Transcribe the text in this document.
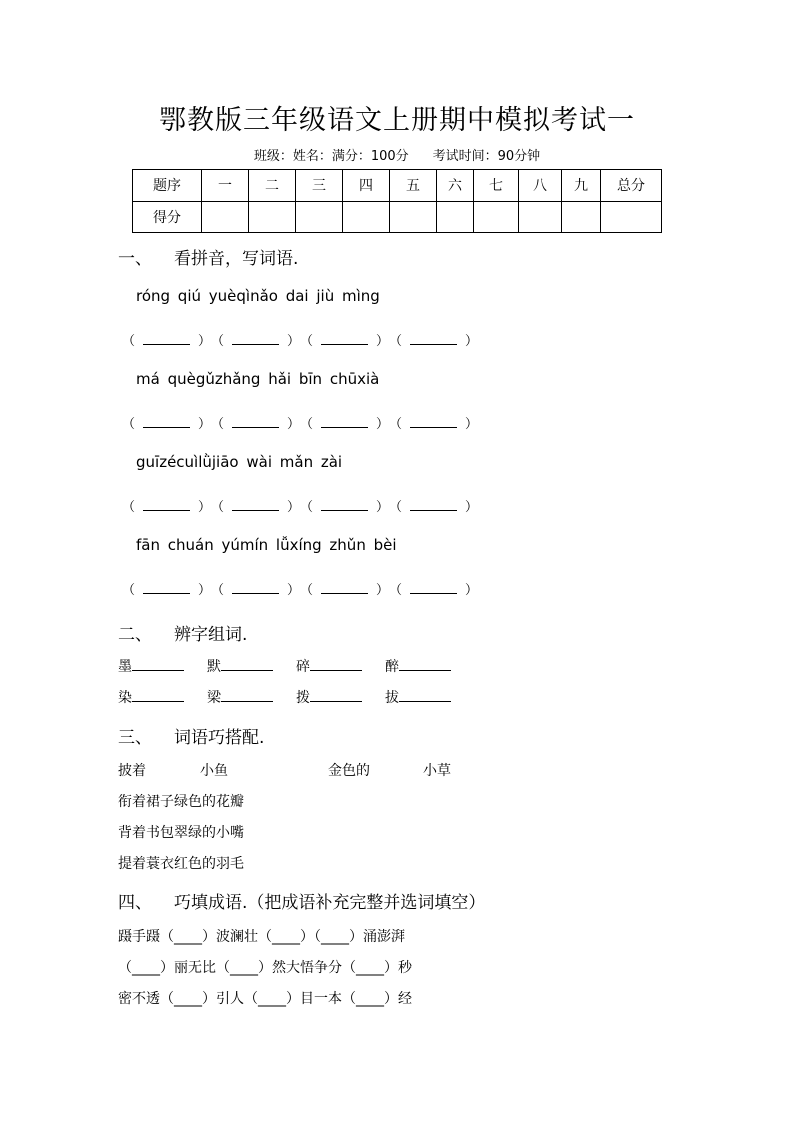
鄂教版三年级语文上册期中模拟考试一
班级：姓名：满分：100分 考试时间：90分钟
题序	一	二	三	四	五	六	七	八	九	总分
得分										
一、 看拼音，写词语.
róng qiú yuèqìnǎo dai jiù mìng
（	） （	） （	） （	）
má quègǔzhǎng hǎi bīn chūxià
（	） （	） （	） （	）
guīzécuìlǜjiāo wài mǎn zài
（	） （	） （	） （	）
fān chuán yúmín lǚxíng zhǔn bèi
（	） （	） （	） （	）
二、 辨字组词.
墨	默	碎	醉
染	梁	拨	拔
三、 词语巧搭配.
披着	小鱼	金色的	小草
衔着裙子绿色的花瓣
背着书包翠绿的小嘴
提着蓑衣红色的羽毛
四、 巧填成语.（把成语补充完整并选词填空）
蹑手蹑（____）波澜壮（____）（____）涌澎湃
（____）丽无比（____）然大悟争分（____）秒
密不透（____）引人（____）目一本（____）经
